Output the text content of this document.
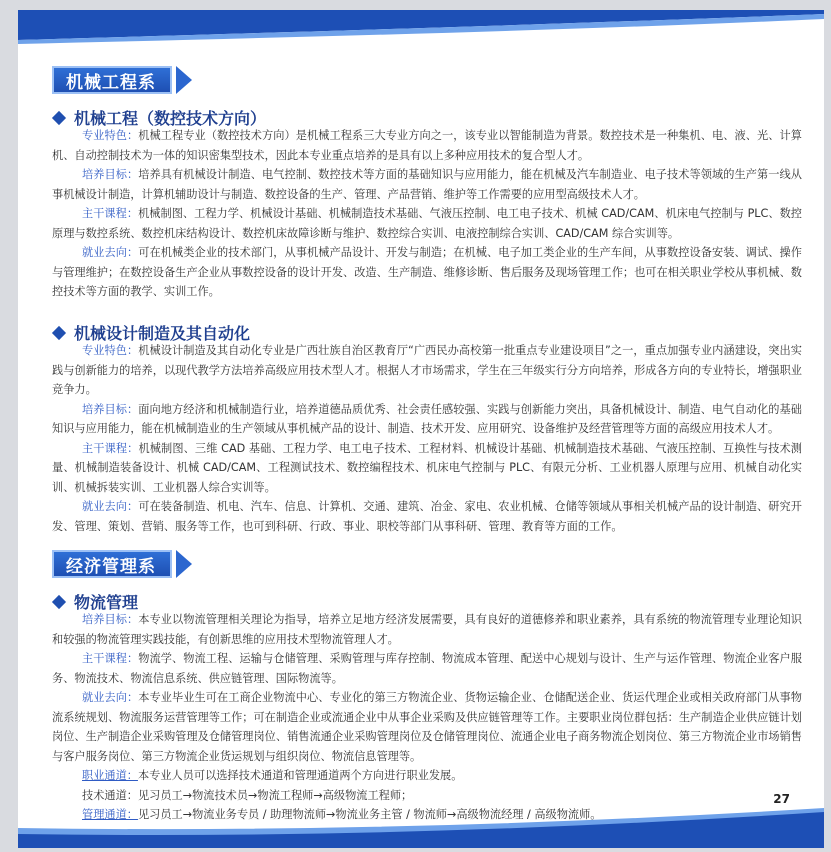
机械工程系
机械工程（数控技术方向）

专业特色：机械工程专业（数控技术方向）是机械工程系三大专业方向之一，该专业以智能制造为背景。数控技术是一种集机、电、液、光、计算机、自动控制技术为一体的知识密集型技术，因此本专业重点培养的是具有以上多种应用技术的复合型人才。

培养目标：培养具有机械设计制造、电气控制、数控技术等方面的基础知识与应用能力，能在机械及汽车制造业、电子技术等领域的生产第一线从事机械设计制造，计算机辅助设计与制造、数控设备的生产、管理、产品营销、维护等工作需要的应用型高级技术人才。

主干课程：机械制图、工程力学、机械设计基础、机械制造技术基础、气液压控制、电工电子技术、机械 CAD/CAM、机床电气控制与 PLC、数控原理与数控系统、数控机床结构设计、数控机床故障诊断与维护、数控综合实训、电液控制综合实训、CAD/CAM 综合实训等。

就业去向：可在机械类企业的技术部门，从事机械产品设计、开发与制造；在机械、电子加工类企业的生产车间，从事数控设备安装、调试、操作与管理维护；在数控设备生产企业从事数控设备的设计开发、改造、生产制造、维修诊断、售后服务及现场管理工作；也可在相关职业学校从事机械、数控技术等方面的教学、实训工作。

机械设计制造及其自动化

专业特色：机械设计制造及其自动化专业是广西壮族自治区教育厅“广西民办高校第一批重点专业建设项目”之一，重点加强专业内涵建设，突出实践与创新能力的培养，以现代教学方法培养高级应用技术型人才。根据人才市场需求，学生在三年级实行分方向培养，形成各方向的专业特长，增强职业竞争力。

培养目标：面向地方经济和机械制造行业，培养道德品质优秀、社会责任感较强、实践与创新能力突出，具备机械设计、制造、电气自动化的基础知识与应用能力，能在机械制造业的生产领域从事机械产品的设计、制造、技术开发、应用研究、设备维护及经营管理等方面的高级应用技术人才。

主干课程：机械制图、三维 CAD 基础、工程力学、电工电子技术、工程材料、机械设计基础、机械制造技术基础、气液压控制、互换性与技术测量、机械制造装备设计、机械 CAD/CAM、工程测试技术、数控编程技术、机床电气控制与 PLC、有限元分析、工业机器人原理与应用、机械自动化实训、机械拆装实训、工业机器人综合实训等。

就业去向：可在装备制造、机电、汽车、信息、计算机、交通、建筑、冶金、家电、农业机械、仓储等领域从事相关机械产品的设计制造、研究开发、管理、策划、营销、服务等工作，也可到科研、行政、事业、职校等部门从事科研、管理、教育等方面的工作。

经济管理系
物流管理

培养目标：本专业以物流管理相关理论为指导，培养立足地方经济发展需要，具有良好的道德修养和职业素养，具有系统的物流管理专业理论知识和较强的物流管理实践技能，有创新思维的应用技术型物流管理人才。

主干课程：物流学、物流工程、运输与仓储管理、采购管理与库存控制、物流成本管理、配送中心规划与设计、生产与运作管理、物流企业客户服务、物流技术、物流信息系统、供应链管理、国际物流等。

就业去向：本专业毕业生可在工商企业物流中心、专业化的第三方物流企业、货物运输企业、仓储配送企业、货运代理企业或相关政府部门从事物流系统规划、物流服务运营管理等工作；可在制造企业或流通企业中从事企业采购及供应链管理等工作。主要职业岗位群包括：生产制造企业供应链计划岗位、生产制造企业采购管理及仓储管理岗位、销售流通企业采购管理岗位及仓储管理岗位、流通企业电子商务物流企划岗位、第三方物流企业市场销售与客户服务岗位、第三方物流企业货运规划与组织岗位、物流信息管理等。

职业通道：本专业人员可以选择技术通道和管理通道两个方向进行职业发展。

技术通道：见习员工→物流技术员→物流工程师→高级物流工程师；

管理通道：见习员工→物流业务专员 / 助理物流师→物流业务主管 / 物流师→高级物流经理 / 高级物流师。

27
